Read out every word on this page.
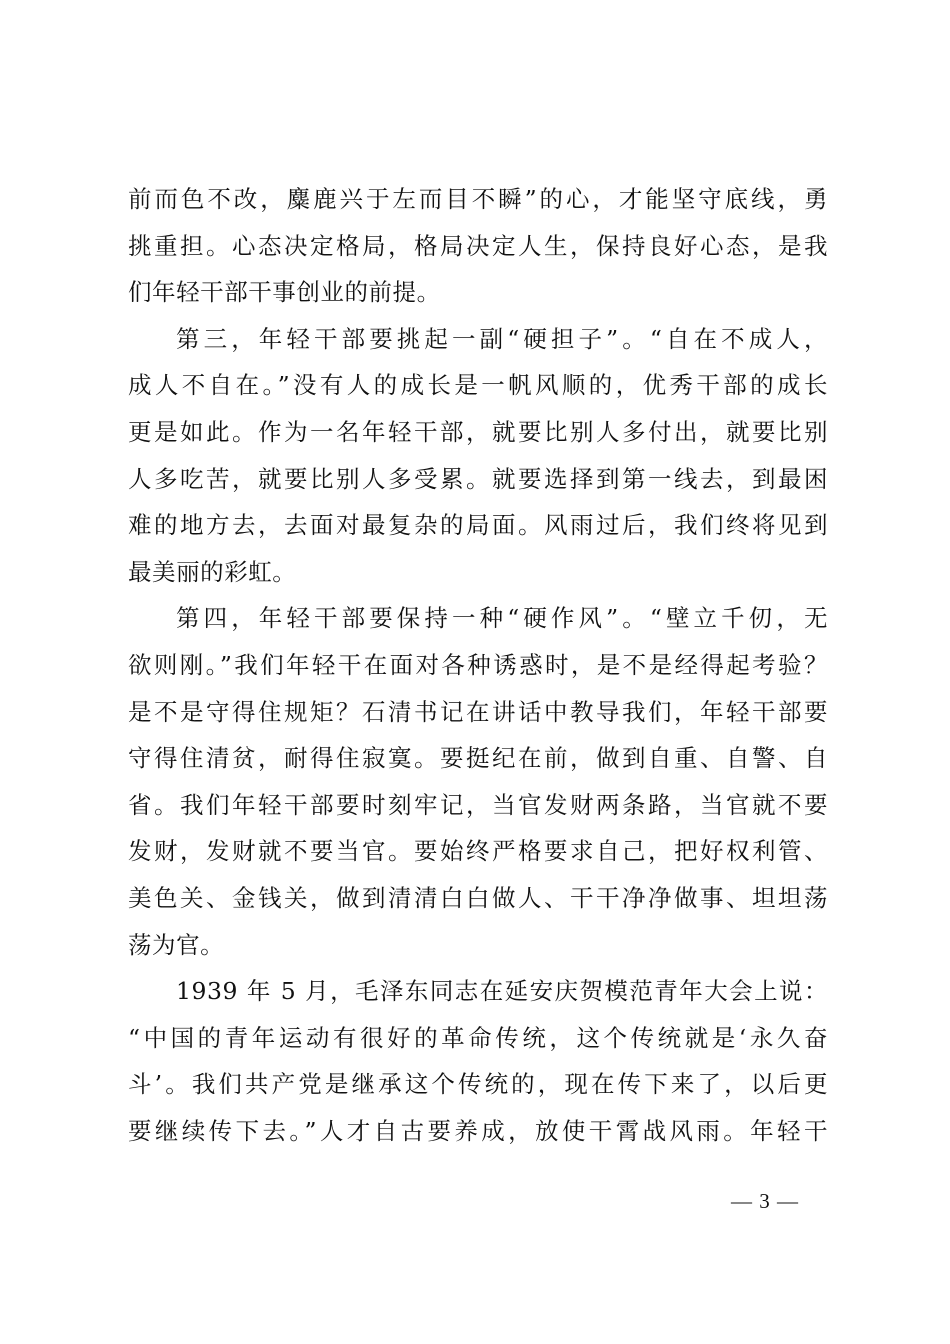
前而色不改，麋鹿兴于左而目不瞬”的心，才能坚守底线，勇
挑重担。心态决定格局，格局决定人生，保持良好心态，是我
们年轻干部干事创业的前提。
第三，年轻干部要挑起一副“硬担子”。“自在不成人，
成人不自在。”没有人的成长是一帆风顺的，优秀干部的成长
更是如此。作为一名年轻干部，就要比别人多付出，就要比别
人多吃苦，就要比别人多受累。就要选择到第一线去，到最困
难的地方去，去面对最复杂的局面。风雨过后，我们终将见到
最美丽的彩虹。
第四，年轻干部要保持一种“硬作风”。“壁立千仞，无
欲则刚。”我们年轻干在面对各种诱惑时，是不是经得起考验？
是不是守得住规矩？石清书记在讲话中教导我们，年轻干部要
守得住清贫，耐得住寂寞。要挺纪在前，做到自重、自警、自
省。我们年轻干部要时刻牢记，当官发财两条路，当官就不要
发财，发财就不要当官。要始终严格要求自己，把好权利管、
美色关、金钱关，做到清清白白做人、干干净净做事、坦坦荡
荡为官。
1939 年 5 月，毛泽东同志在延安庆贺模范青年大会上说：
“中国的青年运动有很好的革命传统，这个传统就是‘永久奋
斗’。我们共产党是继承这个传统的，现在传下来了，以后更
要继续传下去。”人才自古要养成，放使干霄战风雨。年轻干
— 3 —
